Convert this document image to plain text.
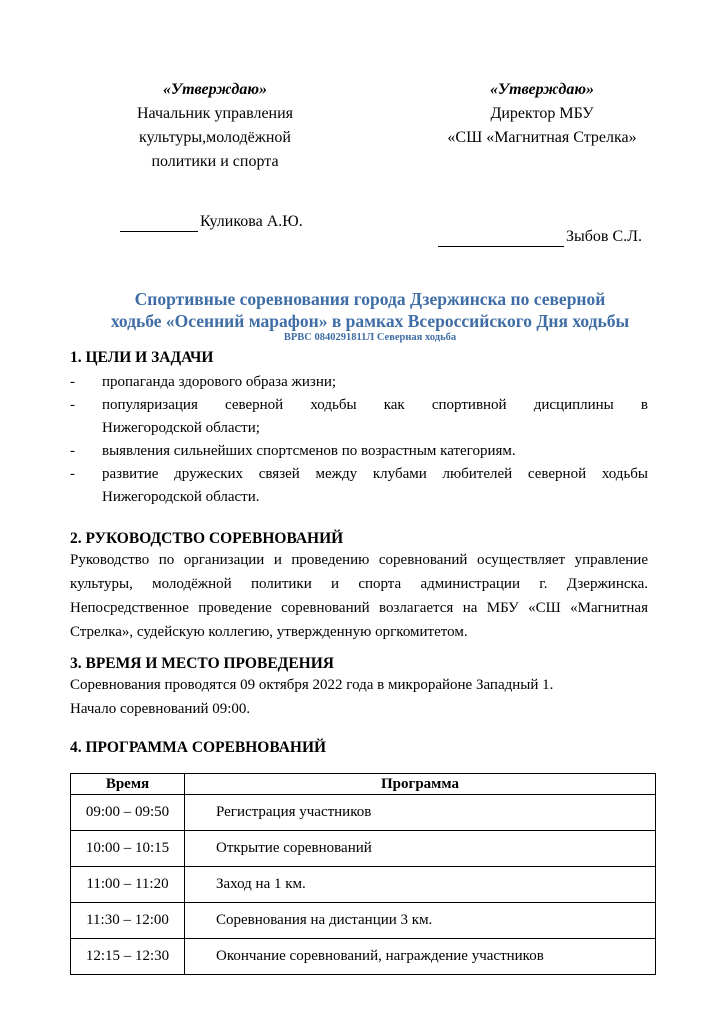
«Утверждаю»
Начальник управления
культуры,молодёжной
политики и спорта
«Утверждаю»
Директор МБУ
«СШ «Магнитная Стрелка»
Куликова А.Ю.
Зыбов С.Л.
Спортивные соревнования города Дзержинска по северной
ходьбе «Осенний марафон» в рамках Всероссийского Дня ходьбы
ВРВС 0840291811Л Северная ходьба
1. ЦЕЛИ И ЗАДАЧИ
- пропаганда здорового образа жизни;
- популяризация северной ходьбы как спортивной дисциплины в
Нижегородской области;
- выявления сильнейших спортсменов по возрастным категориям.
- развитие дружеских связей между клубами любителей северной ходьбы
Нижегородской области.
2. РУКОВОДСТВО СОРЕВНОВАНИЙ
Руководство по организации и проведению соревнований осуществляет управление
культуры, молодёжной политики и спорта администрации г. Дзержинска.
Непосредственное проведение соревнований возлагается на МБУ «СШ «Магнитная
Стрелка», судейскую коллегию, утвержденную оргкомитетом.
3. ВРЕМЯ И МЕСТО ПРОВЕДЕНИЯ
Соревнования проводятся 09 октября 2022 года в микрорайоне Западный 1.
Начало соревнований 09:00.
4. ПРОГРАММА СОРЕВНОВАНИЙ
Время	Программа
09:00 – 09:50	Регистрация участников
10:00 – 10:15	Открытие соревнований
11:00 – 11:20	Заход на 1 км.
11:30 – 12:00	Соревнования на дистанции 3 км.
12:15 – 12:30	Окончание соревнований, награждение участников
